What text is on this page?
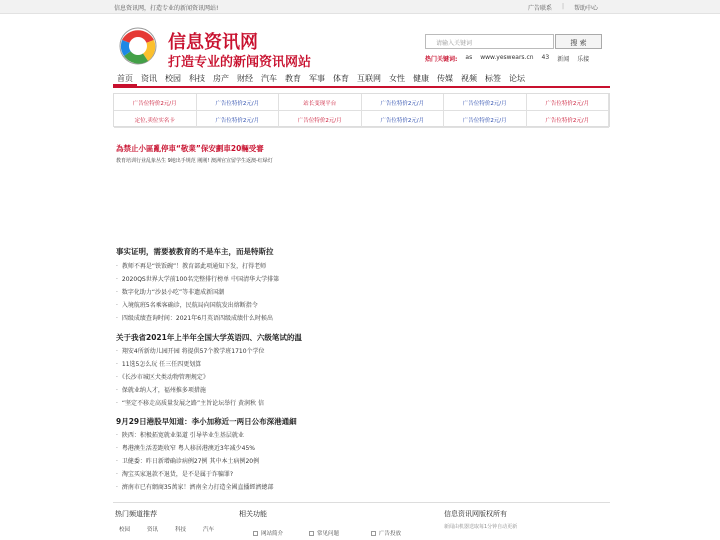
信息资讯网，打造专业的新闻资讯网站!	广告联系 | 帮助中心
信息资讯网
打造专业的新闻资讯网站
请输入关键词	搜 索
热门关键词: as www.yeswears.cn 43 新闻 乐接
首页	资讯	校园	科技	房产	财经	汽车	教育	军事	体育	互联网	女性	健康	传媒	视频	标签	论坛
广告位特价2元/月	广告位特价2元/月	站长变现平台	广告位特价2元/月	广告位特价2元/月	广告位特价2元/月
定位,卖位实名卡	广告位特价2元/月	广告位特价2元/月	广告位特价2元/月	广告位特价2元/月	广告位特价2元/月
為禁止小區亂停車“敬業”保安劃車20輛受審
教育培训行业乱象丛生 9地出手规范 刚刚! 澳洲官宣留学生返澳-红绿灯
事实证明，需要被教育的不是车主，而是特斯拉
· 教师不再是“铁饭碗”！教育部此项通知下发，打得老师
· 2020QS世界大学前100名完整排行榜单 中国清华大学排第
· 数字化助力“沙县小吃”等非遗成新国潮
· 入境航班5名乘客确诊，民航局向国航发出熔断指令
· 四级成绩查询时间：2021年6月英语四级成绩什么时候出
关于我省2021年上半年全国大学英语四、六级笔试的温
· 翔安4所新幼儿园开园 将提供57个教学班1710个学位
· 11选5怎么玩 任三任四更划算
· 《长沙市城区犬类动物管理规定》
· 保就业纳人才，福州推多项措施
· “坚定不移走高质量发展之路”主旨论坛举行 黄润秋 信
9月29日港股早知道：李小加称近一两日公布深港通細
· 陕西：积极拓宽就业渠道 引导毕业生基层就业
· 粤港澳生活差距收窄 粤人移居港澳近3年减少45%
· 卫健委：昨日新增确诊病例27例 其中本土病例20例
· 淘宝买家退款不退货，是不是属于诈骗罪?
· 濟南市已有網商35萬家！濟南全力打造全國直播經濟總部
热门频道推荐
校园	资讯	科技	汽车
相关功能
网站简介	常见问题	广告投放
信息资讯网版权所有
新闻由机器送取每1分钟自动更新
